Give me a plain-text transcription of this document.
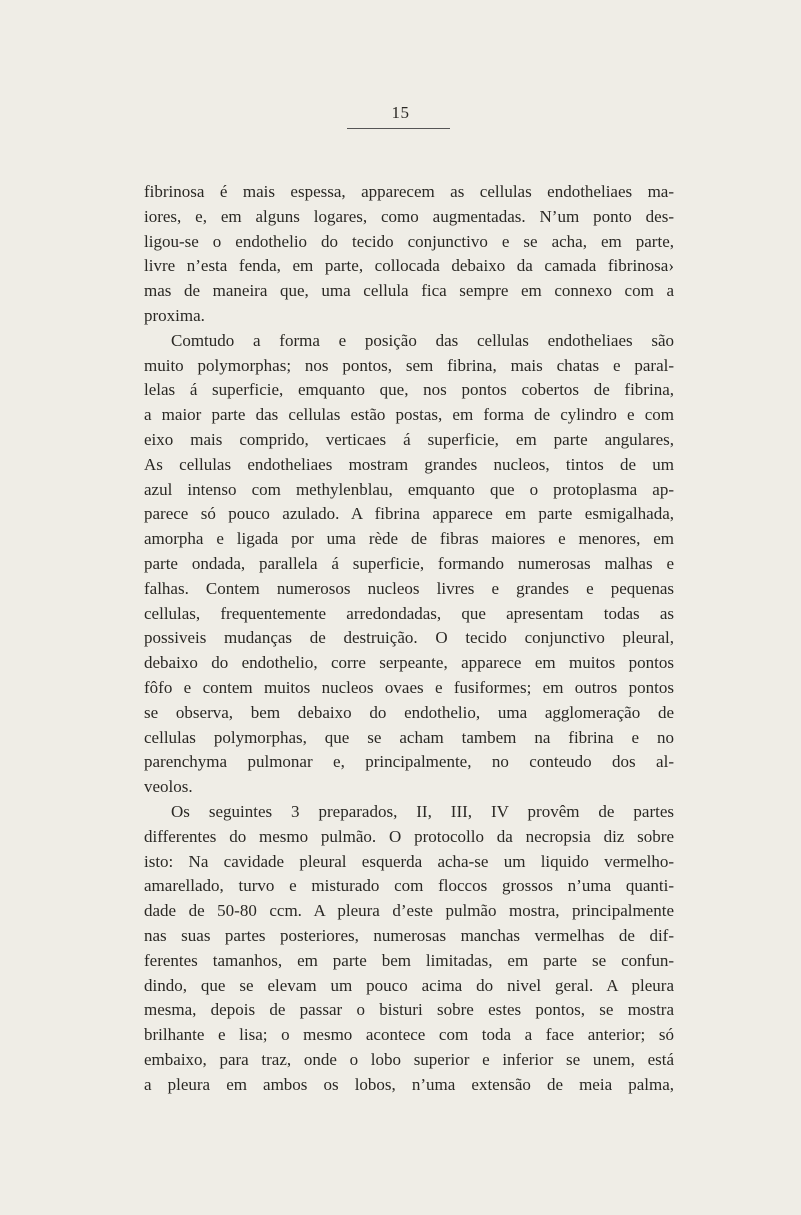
15
fibrinosa é mais espessa, apparecem as cellulas endotheliaes ma-
iores, e, em alguns logares, como augmentadas. N’um ponto des-
ligou-se o endothelio do tecido conjunctivo e se acha, em parte,
livre n’esta fenda, em parte, collocada debaixo da camada fibrinosa›
mas de maneira que, uma cellula fica sempre em connexo com a
proxima.
Comtudo a forma e posição das cellulas endotheliaes são
muito polymorphas; nos pontos, sem fibrina, mais chatas e paral-
lelas á superficie, emquanto que, nos pontos cobertos de fibrina,
a maior parte das cellulas estão postas, em forma de cylindro e com
eixo mais comprido, verticaes á superficie, em parte angulares,
As cellulas endotheliaes mostram grandes nucleos, tintos de um
azul intenso com methylenblau, emquanto que o protoplasma ap-
parece só pouco azulado. A fibrina apparece em parte esmigalhada,
amorpha e ligada por uma rède de fibras maiores e menores, em
parte ondada, parallela á superficie, formando numerosas malhas e
falhas. Contem numerosos nucleos livres e grandes e pequenas
cellulas, frequentemente arredondadas, que apresentam todas as
possiveis mudanças de destruição. O tecido conjunctivo pleural,
debaixo do endothelio, corre serpeante, apparece em muitos pontos
fôfo e contem muitos nucleos ovaes e fusiformes; em outros pontos
se observa, bem debaixo do endothelio, uma agglomeração de
cellulas polymorphas, que se acham tambem na fibrina e no
parenchyma pulmonar e, principalmente, no conteudo dos al-
veolos.
Os seguintes 3 preparados, II, III, IV provêm de partes
differentes do mesmo pulmão. O protocollo da necropsia diz sobre
isto: Na cavidade pleural esquerda acha-se um liquido vermelho-
amarellado, turvo e misturado com floccos grossos n’uma quanti-
dade de 50-80 ccm. A pleura d’este pulmão mostra, principalmente
nas suas partes posteriores, numerosas manchas vermelhas de dif-
ferentes tamanhos, em parte bem limitadas, em parte se confun-
dindo, que se elevam um pouco acima do nivel geral. A pleura
mesma, depois de passar o bisturi sobre estes pontos, se mostra
brilhante e lisa; o mesmo acontece com toda a face anterior; só
embaixo, para traz, onde o lobo superior e inferior se unem, está
a pleura em ambos os lobos, n’uma extensão de meia palma,
